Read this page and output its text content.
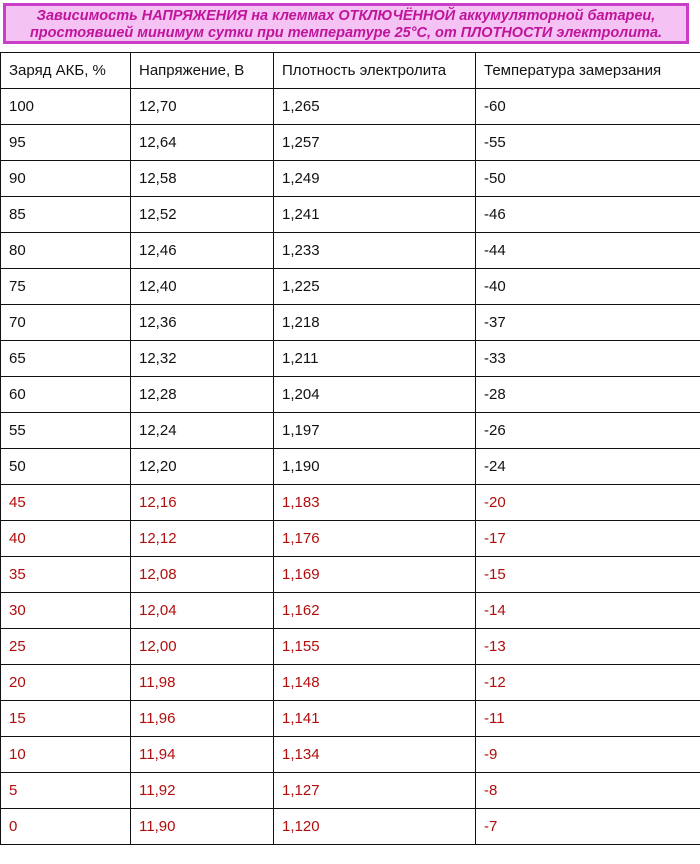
Зависимость НАПРЯЖЕНИЯ на клеммах ОТКЛЮЧЁННОЙ аккумуляторной батареи,
простоявшей минимум сутки при температуре 25°C, от ПЛОТНОСТИ электролита.
Заряд АКБ, %	Напряжение, В	Плотность электролита	Температура замерзания
100	12,70	1,265	-60
95	12,64	1,257	-55
90	12,58	1,249	-50
85	12,52	1,241	-46
80	12,46	1,233	-44
75	12,40	1,225	-40
70	12,36	1,218	-37
65	12,32	1,211	-33
60	12,28	1,204	-28
55	12,24	1,197	-26
50	12,20	1,190	-24
45	12,16	1,183	-20
40	12,12	1,176	-17
35	12,08	1,169	-15
30	12,04	1,162	-14
25	12,00	1,155	-13
20	11,98	1,148	-12
15	11,96	1,141	-11
10	11,94	1,134	-9
5	11,92	1,127	-8
0	11,90	1,120	-7
